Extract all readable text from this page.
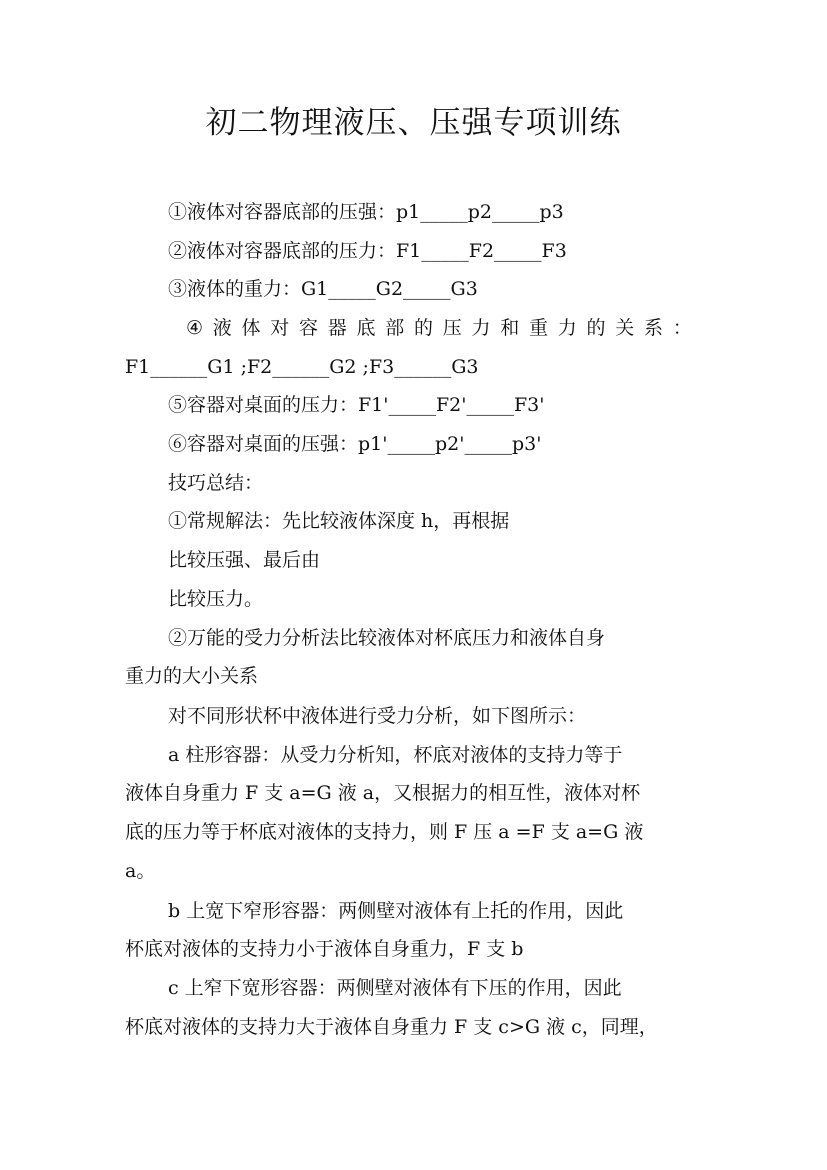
初二物理液压、压强专项训练

①液体对容器底部的压强：p1_____p2_____p3

②液体对容器底部的压力：F1_____F2_____F3

③液体的重力：G1_____G2_____G3

④ 液 体 对 容 器 底 部 的 压 力 和 重 力 的 关 系 ：

F1______G1 ;F2______G2 ;F3______G3

⑤容器对桌面的压力：F1'_____F2'_____F3'

⑥容器对桌面的压强：p1'_____p2'_____p3'

技巧总结：

①常规解法：先比较液体深度 h，再根据

比较压强、最后由

比较压力。

②万能的受力分析法比较液体对杯底压力和液体自身

重力的大小关系

对不同形状杯中液体进行受力分析，如下图所示：

a 柱形容器：从受力分析知，杯底对液体的支持力等于

液体自身重力 F 支 a=G 液 a，又根据力的相互性，液体对杯

底的压力等于杯底对液体的支持力，则 F 压 a =F 支 a=G 液

a。

b 上宽下窄形容器：两侧壁对液体有上托的作用，因此

杯底对液体的支持力小于液体自身重力，F 支 b

c 上窄下宽形容器：两侧壁对液体有下压的作用，因此

杯底对液体的支持力大于液体自身重力 F 支 c>G 液 c，同理，
